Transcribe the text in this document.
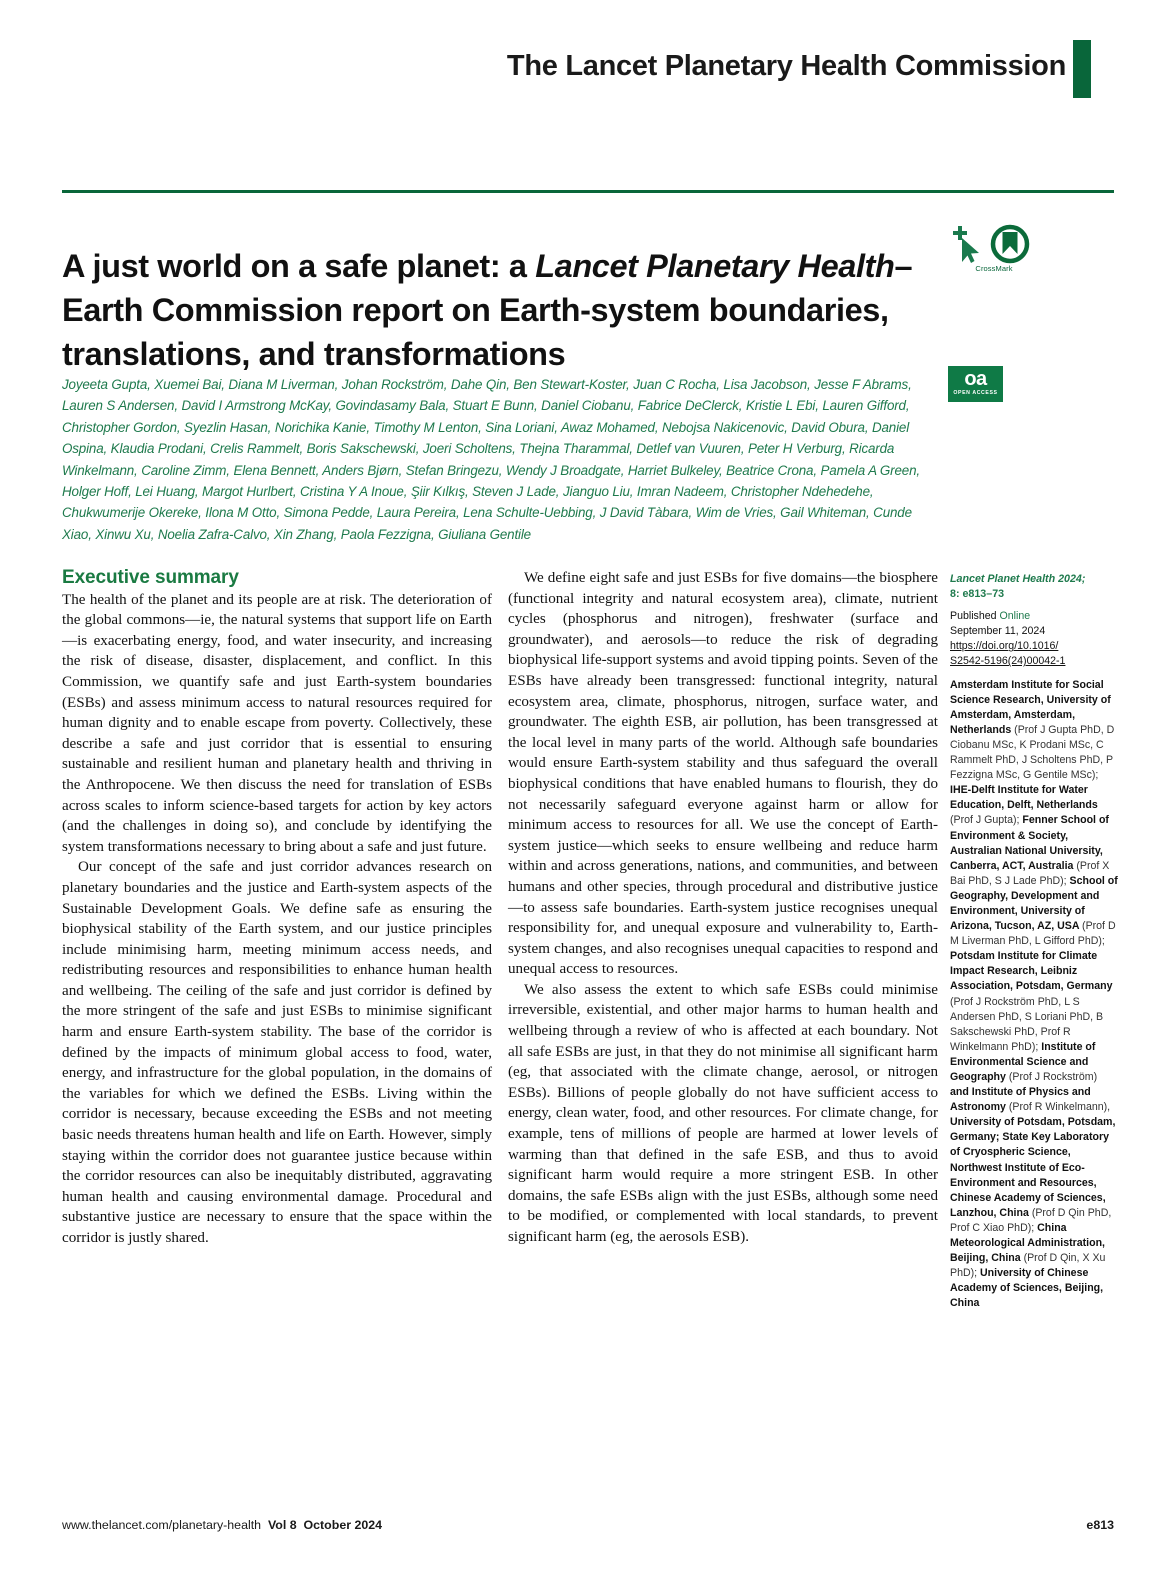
The Lancet Planetary Health Commission
A just world on a safe planet: a Lancet Planetary Health–Earth Commission report on Earth-system boundaries, translations, and transformations
CrossMark
Joyeeta Gupta, Xuemei Bai, Diana M Liverman, Johan Rockström, Dahe Qin, Ben Stewart-Koster, Juan C Rocha, Lisa Jacobson, Jesse F Abrams, Lauren S Andersen, David I Armstrong McKay, Govindasamy Bala, Stuart E Bunn, Daniel Ciobanu, Fabrice DeClerck, Kristie L Ebi, Lauren Gifford, Christopher Gordon, Syezlin Hasan, Norichika Kanie, Timothy M Lenton, Sina Loriani, Awaz Mohamed, Nebojsa Nakicenovic, David Obura, Daniel Ospina, Klaudia Prodani, Crelis Rammelt, Boris Sakschewski, Joeri Scholtens, Thejna Tharammal, Detlef van Vuuren, Peter H Verburg, Ricarda Winkelmann, Caroline Zimm, Elena Bennett, Anders Bjørn, Stefan Bringezu, Wendy J Broadgate, Harriet Bulkeley, Beatrice Crona, Pamela A Green, Holger Hoff, Lei Huang, Margot Hurlbert, Cristina Y A Inoue, Şiir Kılkış, Steven J Lade, Jianguo Liu, Imran Nadeem, Christopher Ndehedehe, Chukwumerije Okereke, Ilona M Otto, Simona Pedde, Laura Pereira, Lena Schulte-Uebbing, J David Tàbara, Wim de Vries, Gail Whiteman, Cunde Xiao, Xinwu Xu, Noelia Zafra-Calvo, Xin Zhang, Paola Fezzigna, Giuliana Gentile
oa
OPEN ACCESS
Executive summary

The health of the planet and its people are at risk. The deterioration of the global commons—ie, the natural systems that support life on Earth—is exacerbating energy, food, and water insecurity, and increasing the risk of disease, disaster, displacement, and conflict. In this Commission, we quantify safe and just Earth-system boundaries (ESBs) and assess minimum access to natural resources required for human dignity and to enable escape from poverty. Collectively, these describe a safe and just corridor that is essential to ensuring sustainable and resilient human and planetary health and thriving in the Anthropocene. We then discuss the need for translation of ESBs across scales to inform science-based targets for action by key actors (and the challenges in doing so), and conclude by identifying the system transformations necessary to bring about a safe and just future.

Our concept of the safe and just corridor advances research on planetary boundaries and the justice and Earth-system aspects of the Sustainable Development Goals. We define safe as ensuring the biophysical stability of the Earth system, and our justice principles include minimising harm, meeting minimum access needs, and redistributing resources and responsibilities to enhance human health and wellbeing. The ceiling of the safe and just corridor is defined by the more stringent of the safe and just ESBs to minimise significant harm and ensure Earth-system stability. The base of the corridor is defined by the impacts of minimum global access to food, water, energy, and infrastructure for the global population, in the domains of the variables for which we defined the ESBs. Living within the corridor is necessary, because exceeding the ESBs and not meeting basic needs threatens human health and life on Earth. However, simply staying within the corridor does not guarantee justice because within the corridor resources can also be inequitably distributed, aggravating human health and causing environmental damage. Procedural and substantive justice are necessary to ensure that the space within the corridor is justly shared.

We define eight safe and just ESBs for five domains—the biosphere (functional integrity and natural ecosystem area), climate, nutrient cycles (phosphorus and nitrogen), freshwater (surface and groundwater), and aerosols—to reduce the risk of degrading biophysical life-support systems and avoid tipping points. Seven of the ESBs have already been transgressed: functional integrity, natural ecosystem area, climate, phosphorus, nitrogen, surface water, and groundwater. The eighth ESB, air pollution, has been transgressed at the local level in many parts of the world. Although safe boundaries would ensure Earth-system stability and thus safeguard the overall biophysical conditions that have enabled humans to flourish, they do not necessarily safeguard everyone against harm or allow for minimum access to resources for all. We use the concept of Earth-system justice—which seeks to ensure wellbeing and reduce harm within and across generations, nations, and communities, and between humans and other species, through procedural and distributive justice—to assess safe boundaries. Earth-system justice recognises unequal responsibility for, and unequal exposure and vulnerability to, Earth-system changes, and also recognises unequal capacities to respond and unequal access to resources.

We also assess the extent to which safe ESBs could minimise irreversible, existential, and other major harms to human health and wellbeing through a review of who is affected at each boundary. Not all safe ESBs are just, in that they do not minimise all significant harm (eg, that associated with the climate change, aerosol, or nitrogen ESBs). Billions of people globally do not have sufficient access to energy, clean water, food, and other resources. For climate change, for example, tens of millions of people are harmed at lower levels of warming than that defined in the safe ESB, and thus to avoid significant harm would require a more stringent ESB. In other domains, the safe ESBs align with the just ESBs, although some need to be modified, or complemented with local standards, to prevent significant harm (eg, the aerosols ESB).

Lancet Planet Health 2024;
8: e813–73
Published Online
September 11, 2024

https://doi.org/10.1016/
S2542-5196(24)00042-1
Amsterdam Institute for Social Science Research, University of Amsterdam, Amsterdam, Netherlands (Prof J Gupta PhD, D Ciobanu MSc, K Prodani MSc, C Rammelt PhD, J Scholtens PhD, P Fezzigna MSc, G Gentile MSc); IHE-Delft Institute for Water Education, Delft, Netherlands (Prof J Gupta); Fenner School of Environment & Society, Australian National University, Canberra, ACT, Australia (Prof X Bai PhD, S J Lade PhD); School of Geography, Development and Environment, University of Arizona, Tucson, AZ, USA (Prof D M Liverman PhD, L Gifford PhD); Potsdam Institute for Climate Impact Research, Leibniz Association, Potsdam, Germany (Prof J Rockström PhD, L S Andersen PhD, S Loriani PhD, B Sakschewski PhD, Prof R Winkelmann PhD); Institute of Environmental Science and Geography (Prof J Rockström) and Institute of Physics and Astronomy (Prof R Winkelmann), University of Potsdam, Potsdam, Germany; State Key Laboratory of Cryospheric Science, Northwest Institute of Eco-Environment and Resources, Chinese Academy of Sciences, Lanzhou, China (Prof D Qin PhD, Prof C Xiao PhD); China Meteorological Administration, Beijing, China (Prof D Qin, X Xu PhD); University of Chinese Academy of Sciences, Beijing, China
www.thelancet.com/planetary-health Vol 8 October 2024	e813
